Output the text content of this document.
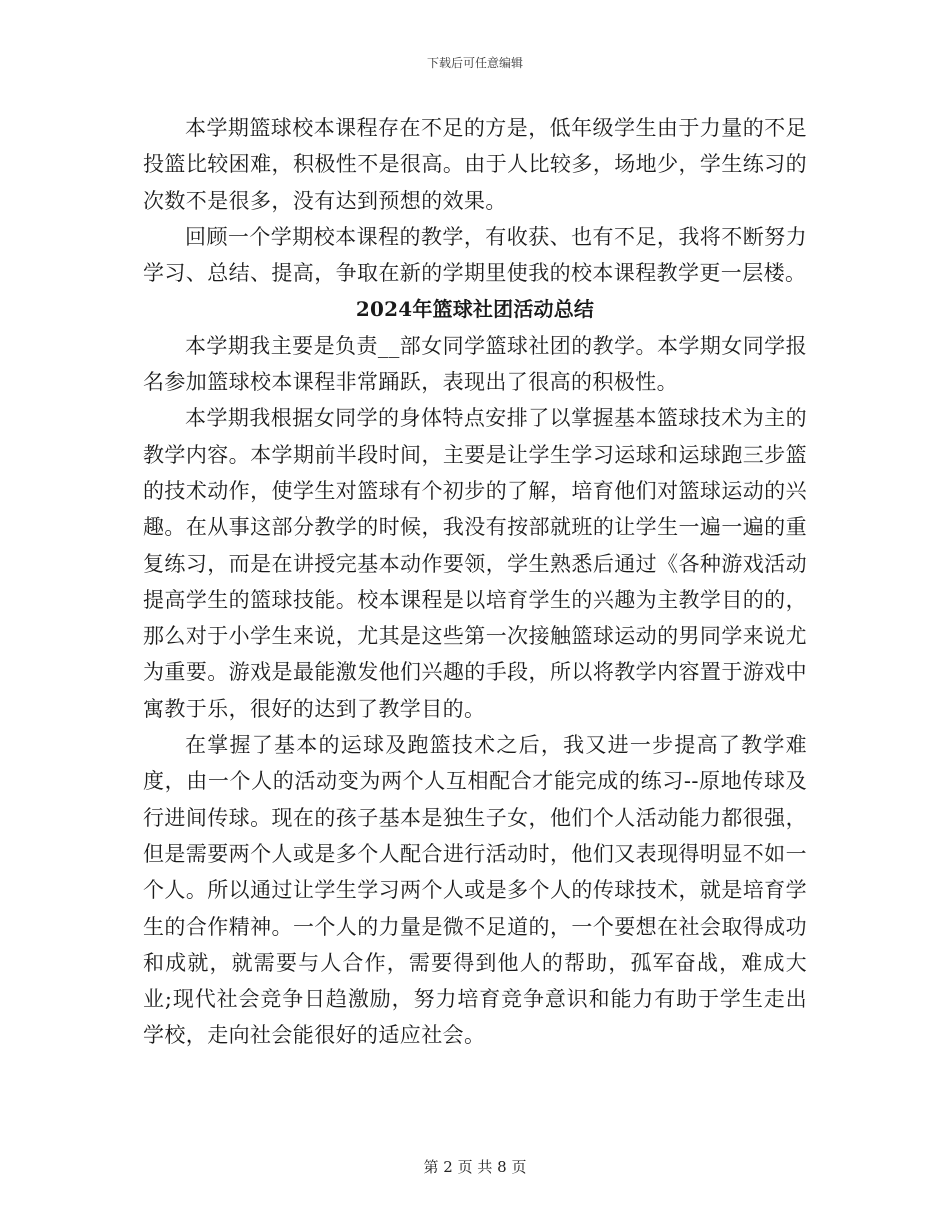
下载后可任意编辑

本学期篮球校本课程存在不足的方是，低年级学生由于力量的不足投篮比较困难，积极性不是很高。由于人比较多，场地少，学生练习的次数不是很多，没有达到预想的效果。

回顾一个学期校本课程的教学，有收获、也有不足，我将不断努力学习、总结、提高，争取在新的学期里使我的校本课程教学更一层楼。

2024年篮球社团活动总结

本学期我主要是负责__部女同学篮球社团的教学。本学期女同学报名参加篮球校本课程非常踊跃，表现出了很高的积极性。

本学期我根据女同学的身体特点安排了以掌握基本篮球技术为主的教学内容。本学期前半段时间，主要是让学生学习运球和运球跑三步篮的技术动作，使学生对篮球有个初步的了解，培育他们对篮球运动的兴趣。在从事这部分教学的时候，我没有按部就班的让学生一遍一遍的重复练习，而是在讲授完基本动作要领，学生熟悉后通过《各种游戏活动提高学生的篮球技能。校本课程是以培育学生的兴趣为主教学目的的，那么对于小学生来说，尤其是这些第一次接触篮球运动的男同学来说尤为重要。游戏是最能激发他们兴趣的手段，所以将教学内容置于游戏中寓教于乐，很好的达到了教学目的。

在掌握了基本的运球及跑篮技术之后，我又进一步提高了教学难度，由一个人的活动变为两个人互相配合才能完成的练习--原地传球及行进间传球。现在的孩子基本是独生子女，他们个人活动能力都很强，但是需要两个人或是多个人配合进行活动时，他们又表现得明显不如一个人。所以通过让学生学习两个人或是多个人的传球技术，就是培育学生的合作精神。一个人的力量是微不足道的，一个要想在社会取得成功和成就，就需要与人合作，需要得到他人的帮助，孤军奋战，难成大业;现代社会竞争日趋激励，努力培育竞争意识和能力有助于学生走出学校，走向社会能很好的适应社会。

第 2 页 共 8 页
